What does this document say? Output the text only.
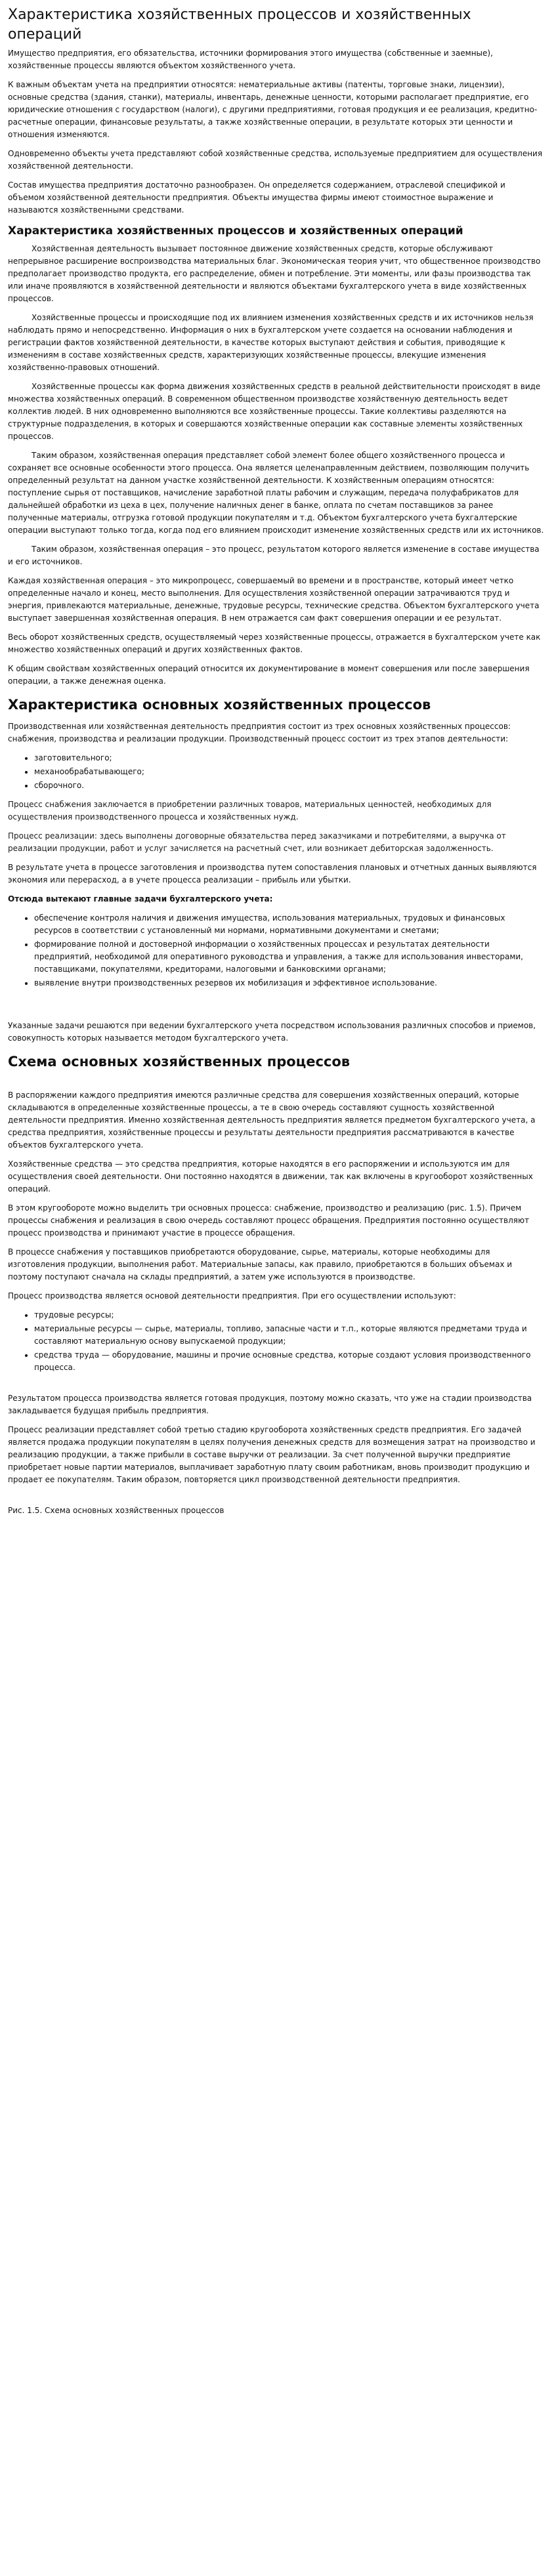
Характеристика хозяйственных процессов и хозяйственных операций

Имущество предприятия, его обязательства, источники формирования этого имущества (собственные и заемные), хозяйственные процессы являются объектом хозяйственного учета.

К важным объектам учета на предприятии относятся: нематериальные активы (патенты, торговые знаки, лицензии), основные средства (здания, станки), материалы, инвентарь, денежные ценности, которыми располагает предприятие, его юридические отношения с государством (налоги), с другими предприятиями, готовая продукция и ее реализация, кредитно-расчетные операции, финансовые результаты, а также хозяйственные операции, в результате которых эти ценности и отношения изменяются.

Одновременно объекты учета представляют собой хозяйственные средства, используемые предприятием для осуществления хозяйственной деятельности.

Состав имущества предприятия достаточно разнообразен. Он определяется содержанием, отраслевой спецификой и объемом хозяйственной деятельности предприятия. Объекты имущества фирмы имеют стоимостное выражение и называются хозяйственными средствами.

Характеристика хозяйственных процессов и хозяйственных операций

Хозяйственная деятельность вызывает постоянное движение хозяйственных средств, которые обслуживают непрерывное расширение воспроизводства материальных благ. Экономическая теория учит, что общественное производство предполагает производство продукта, его распределение, обмен и потребление. Эти моменты, или фазы производства так или иначе проявляются в хозяйственной деятельности и являются объектами бухгалтерского учета в виде хозяйственных процессов.

Хозяйственные процессы и происходящие под их влиянием изменения хозяйственных средств и их источников нельзя наблюдать прямо и непосредственно. Информация о них в бухгалтерском учете создается на основании наблюдения и регистрации фактов хозяйственной деятельности, в качестве которых выступают действия и события, приводящие к изменениям в составе хозяйственных средств, характеризующих хозяйственные процессы, влекущие изменения хозяйственно-правовых отношений.

Хозяйственные процессы как форма движения хозяйственных средств в реальной действительности происходят в виде множества хозяйственных операций. В современном общественном производстве хозяйственную деятельность ведет коллектив людей. В них одновременно выполняются все хозяйственные процессы. Такие коллективы разделяются на структурные подразделения, в которых и совершаются хозяйственные операции как составные элементы хозяйственных процессов.

Таким образом, хозяйственная операция представляет собой элемент более общего хозяйственного процесса и сохраняет все основные особенности этого процесса. Она является целенаправленным действием, позволяющим получить определенный результат на данном участке хозяйственной деятельности. К хозяйственным операциям относятся: поступление сырья от поставщиков, начисление заработной платы рабочим и служащим, передача полуфабрикатов для дальнейшей обработки из цеха в цех, получение наличных денег в банке, оплата по счетам поставщиков за ранее полученные материалы, отгрузка готовой продукции покупателям и т.д. Объектом бухгалтерского учета бухгалтерские операции выступают только тогда, когда под его влиянием происходит изменение хозяйственных средств или их источников.

Таким образом, хозяйственная операция – это процесс, результатом которого является изменение в составе имущества и его источников.

Каждая хозяйственная операция – это микропроцесс, совершаемый во времени и в пространстве, который имеет четко определенные начало и конец, место выполнения. Для осуществления хозяйственной операции затрачиваются труд и энергия, привлекаются материальные, денежные, трудовые ресурсы, технические средства. Объектом бухгалтерского учета выступает завершенная хозяйственная операция. В нем отражается сам факт совершения операции и ее результат.

Весь оборот хозяйственных средств, осуществляемый через хозяйственные процессы, отражается в бухгалтерском учете как множество хозяйственных операций и других хозяйственных фактов.

К общим свойствам хозяйственных операций относится их документирование в момент совершения или после завершения операции, а также денежная оценка.

Характеристика основных хозяйственных процессов

Производственная или хозяйственная деятельность предприятия состоит из трех основных хозяйственных процессов: снабжения, производства и реализации продукции. Производственный процесс состоит из трех этапов деятельности:

• заготовительного;
• механообрабатывающего;
• сборочного.

Процесс снабжения заключается в приобретении различных товаров, материальных ценностей, необходимых для осуществления производственного процесса и хозяйственных нужд.

Процесс реализации: здесь выполнены договорные обязательства перед заказчиками и потребителями, а выручка от реализации продукции, работ и услуг зачисляется на расчетный счет, или возникает дебиторская задолженность.

В результате учета в процессе заготовления и производства путем сопоставления плановых и отчетных данных выявляются экономия или перерасход, а в учете процесса реализации – прибыль или убытки.

Отсюда вытекают главные задачи бухгалтерского учета:

• обеспечение контроля наличия и движения имущества, использования материальных, трудовых и финансовых ресурсов в соответствии с установленный ми нормами, нормативными документами и сметами;
• формирование полной и достоверной информации о хозяйственных процессах и результатах деятельности предприятий, необходимой для оперативного руководства и управления, а также для использования инвесторами, поставщиками, покупателями, кредиторами, налоговыми и банковскими органами;
• выявление внутри производственных резервов их мобилизация и эффективное использование.

Указанные задачи решаются при ведении бухгалтерского учета посредством использования различных способов и приемов, совокупность которых называется методом бухгалтерского учета.

Схема основных хозяйственных процессов

В распоряжении каждого предприятия имеются различные средства для совершения хозяйственных операций, которые складываются в определенные хозяйственные процессы, а те в свою очередь составляют сущность хозяйственной деятельности предприятия. Именно хозяйственная деятельность предприятия является предметом бухгалтерского учета, а средства предприятия, хозяйственные процессы и результаты деятельности предприятия рассматриваются в качестве объектов бухгалтерского учета.

Хозяйственные средства — это средства предприятия, которые находятся в его распоряжении и используются им для осуществления своей деятельности. Они постоянно находятся в движении, так как включены в кругооборот хозяйственных операций.

В этом кругообороте можно выделить три основных процесса: снабжение, производство и реализацию (рис. 1.5). Причем процессы снабжения и реализация в свою очередь составляют процесс обращения. Предприятия постоянно осуществляют процесс производства и принимают участие в процессе обращения.

В процессе снабжения у поставщиков приобретаются оборудование, сырье, материалы, которые необходимы для изготовления продукции, выполнения работ. Материальные запасы, как правило, приобретаются в больших объемах и поэтому поступают сначала на склады предприятий, а затем уже используются в производстве.

Процесс производства является основой деятельности предприятия. При его осуществлении используют:

• трудовые ресурсы;
• материальные ресурсы — сырье, материалы, топливо, запасные части и т.п., которые являются предметами труда и составляют материальную основу выпускаемой продукции;
• средства труда — оборудование, машины и прочие основные средства, которые создают условия производственного процесса.

Результатом процесса производства является готовая продукция, поэтому можно сказать, что уже на стадии производства закладывается будущая прибыль предприятия.

Процесс реализации представляет собой третью стадию кругооборота хозяйственных средств предприятия. Его задачей является продажа продукции покупателям в целях получения денежных средств для возмещения затрат на производство и реализацию продукции, а также прибыли в составе выручки от реализации. За счет полученной выручки предприятие приобретает новые партии материалов, выплачивает заработную плату своим работникам, вновь производит продукцию и продает ее покупателям. Таким образом, повторяется цикл производственной деятельности предприятия.

Рис. 1.5. Схема основных хозяйственных процессов
